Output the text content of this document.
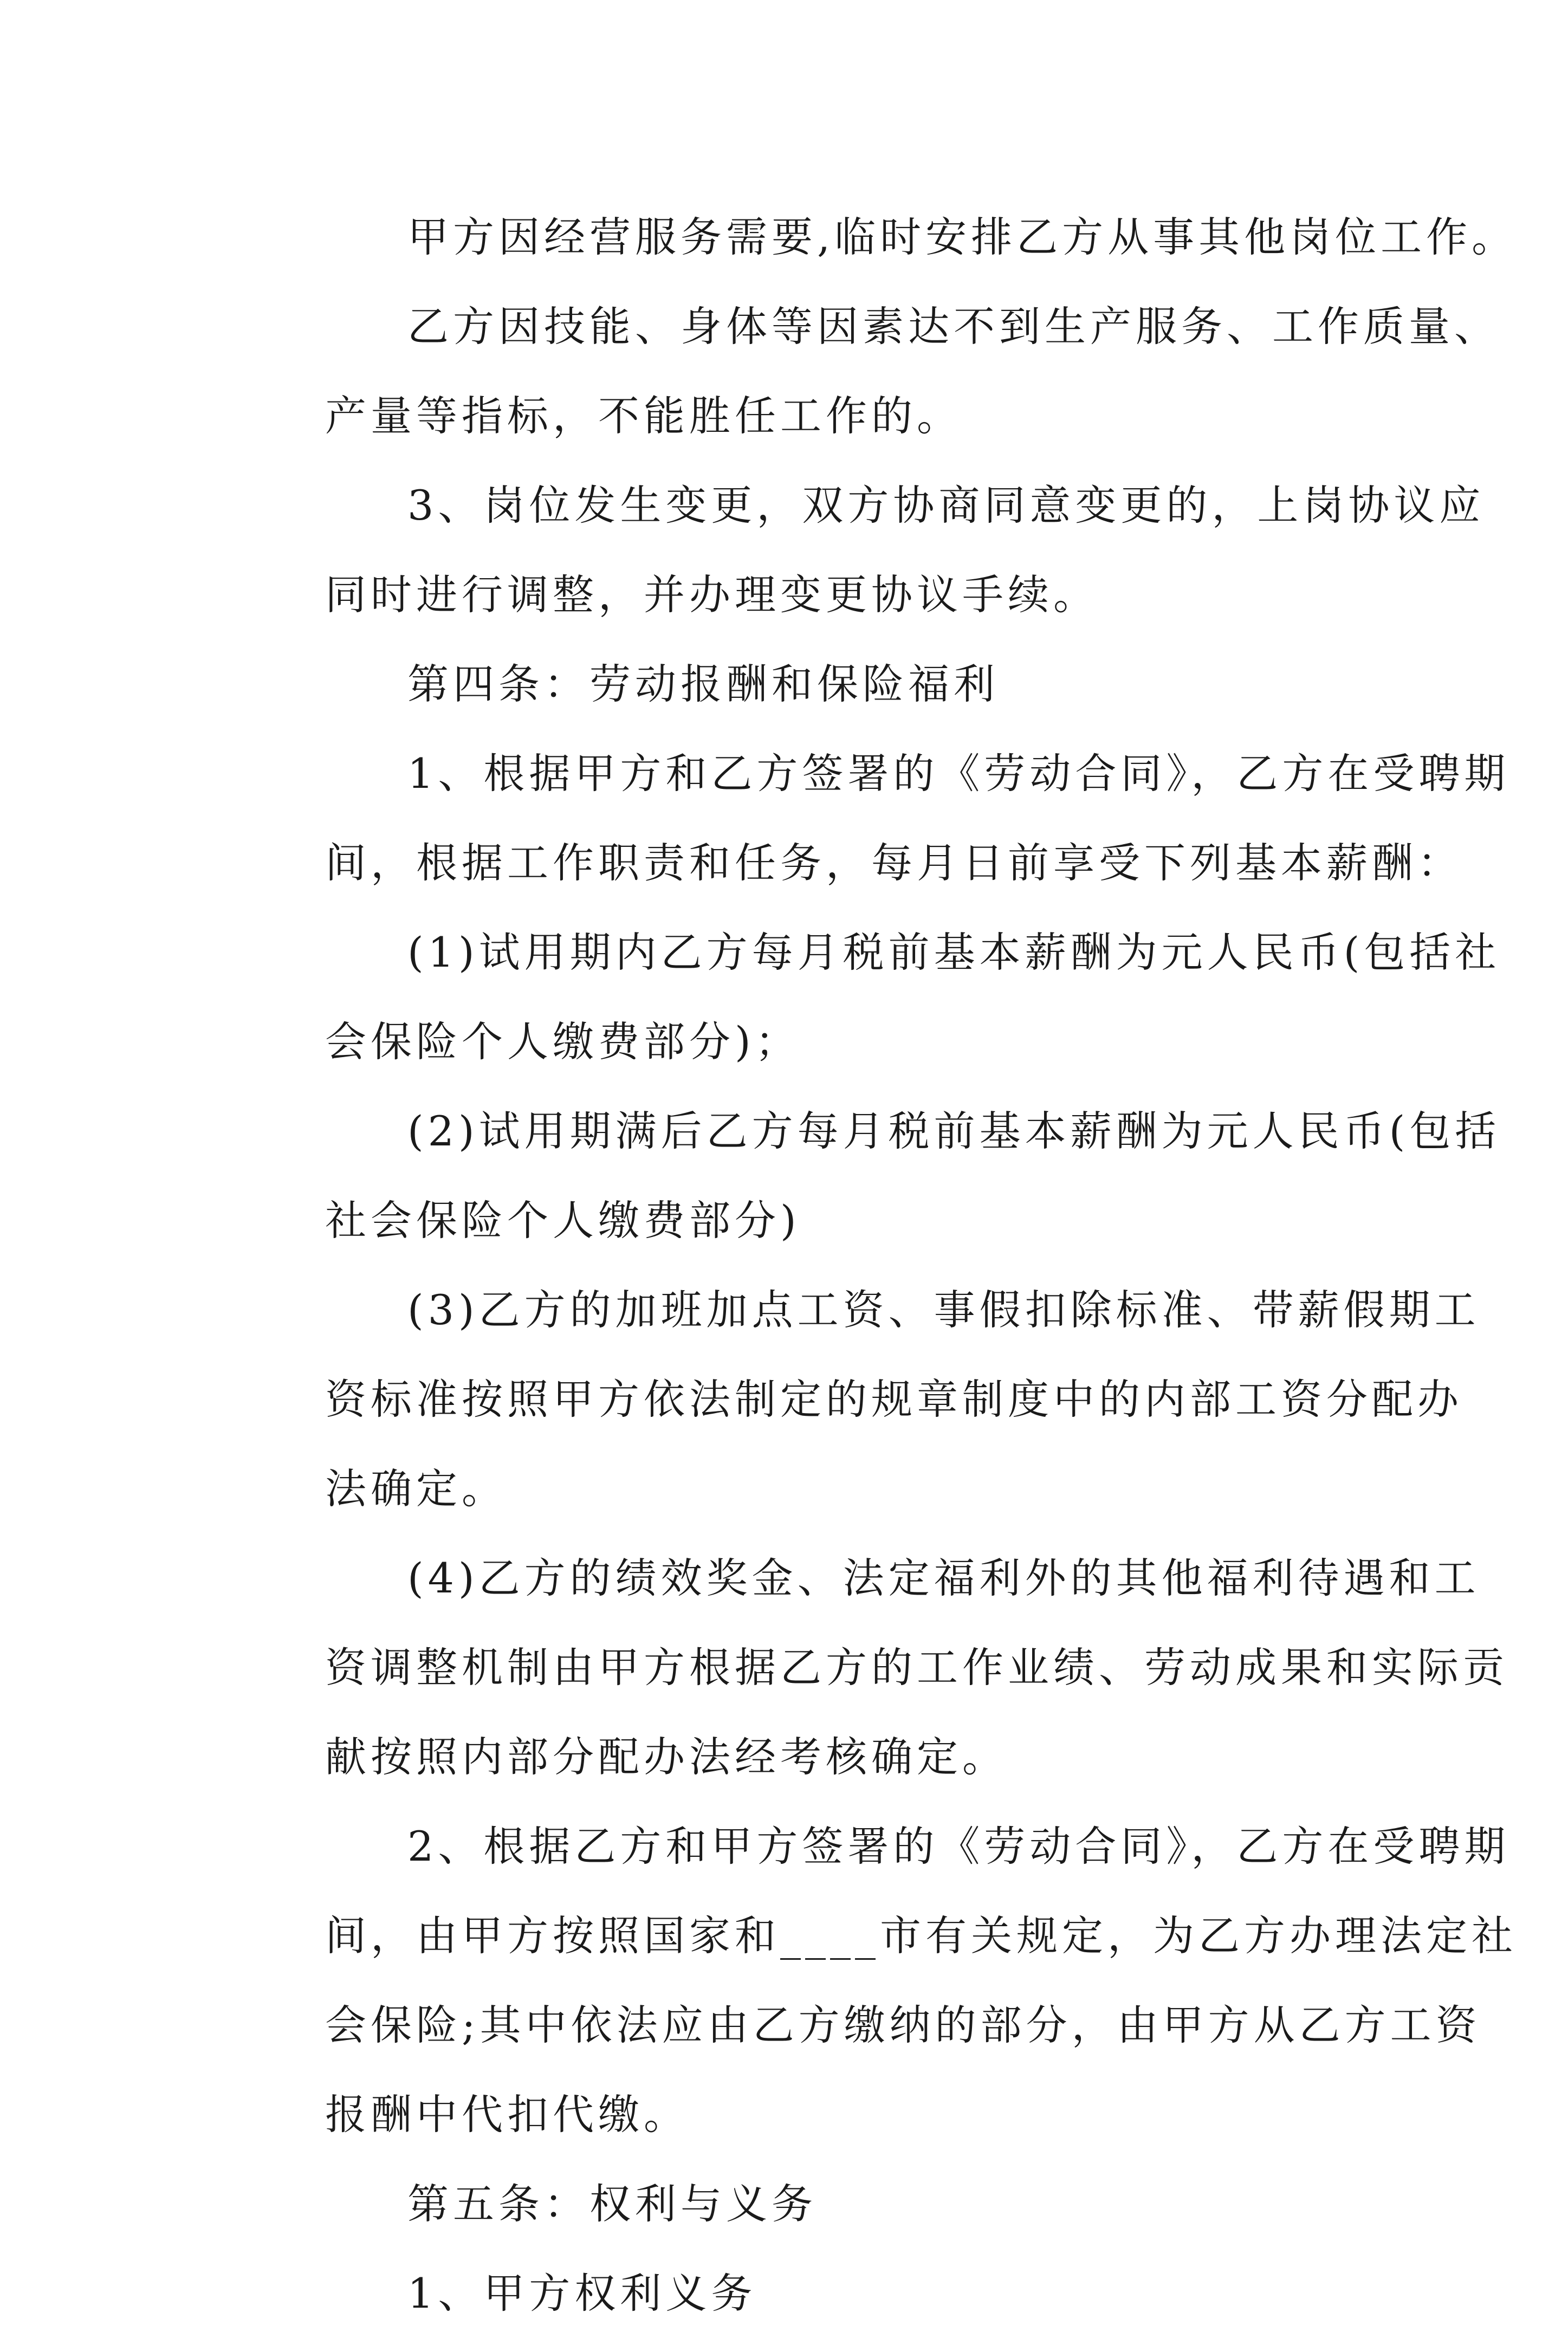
甲方因经营服务需要,临时安排乙方从事其他岗位工作。
乙方因技能、身体等因素达不到生产服务、工作质量、
产量等指标，不能胜任工作的。
3、岗位发生变更，双方协商同意变更的，上岗协议应
同时进行调整，并办理变更协议手续。
第四条：劳动报酬和保险福利
1、根据甲方和乙方签署的《劳动合同》，乙方在受聘期
间，根据工作职责和任务，每月日前享受下列基本薪酬：
(1)试用期内乙方每月税前基本薪酬为元人民币(包括社
会保险个人缴费部分)；
(2)试用期满后乙方每月税前基本薪酬为元人民币(包括
社会保险个人缴费部分)
(3)乙方的加班加点工资、事假扣除标准、带薪假期工
资标准按照甲方依法制定的规章制度中的内部工资分配办
法确定。
(4)乙方的绩效奖金、法定福利外的其他福利待遇和工
资调整机制由甲方根据乙方的工作业绩、劳动成果和实际贡
献按照内部分配办法经考核确定。
2、根据乙方和甲方签署的《劳动合同》，乙方在受聘期
间，由甲方按照国家和____市有关规定，为乙方办理法定社
会保险;其中依法应由乙方缴纳的部分，由甲方从乙方工资
报酬中代扣代缴。
第五条：权利与义务
1、甲方权利义务
